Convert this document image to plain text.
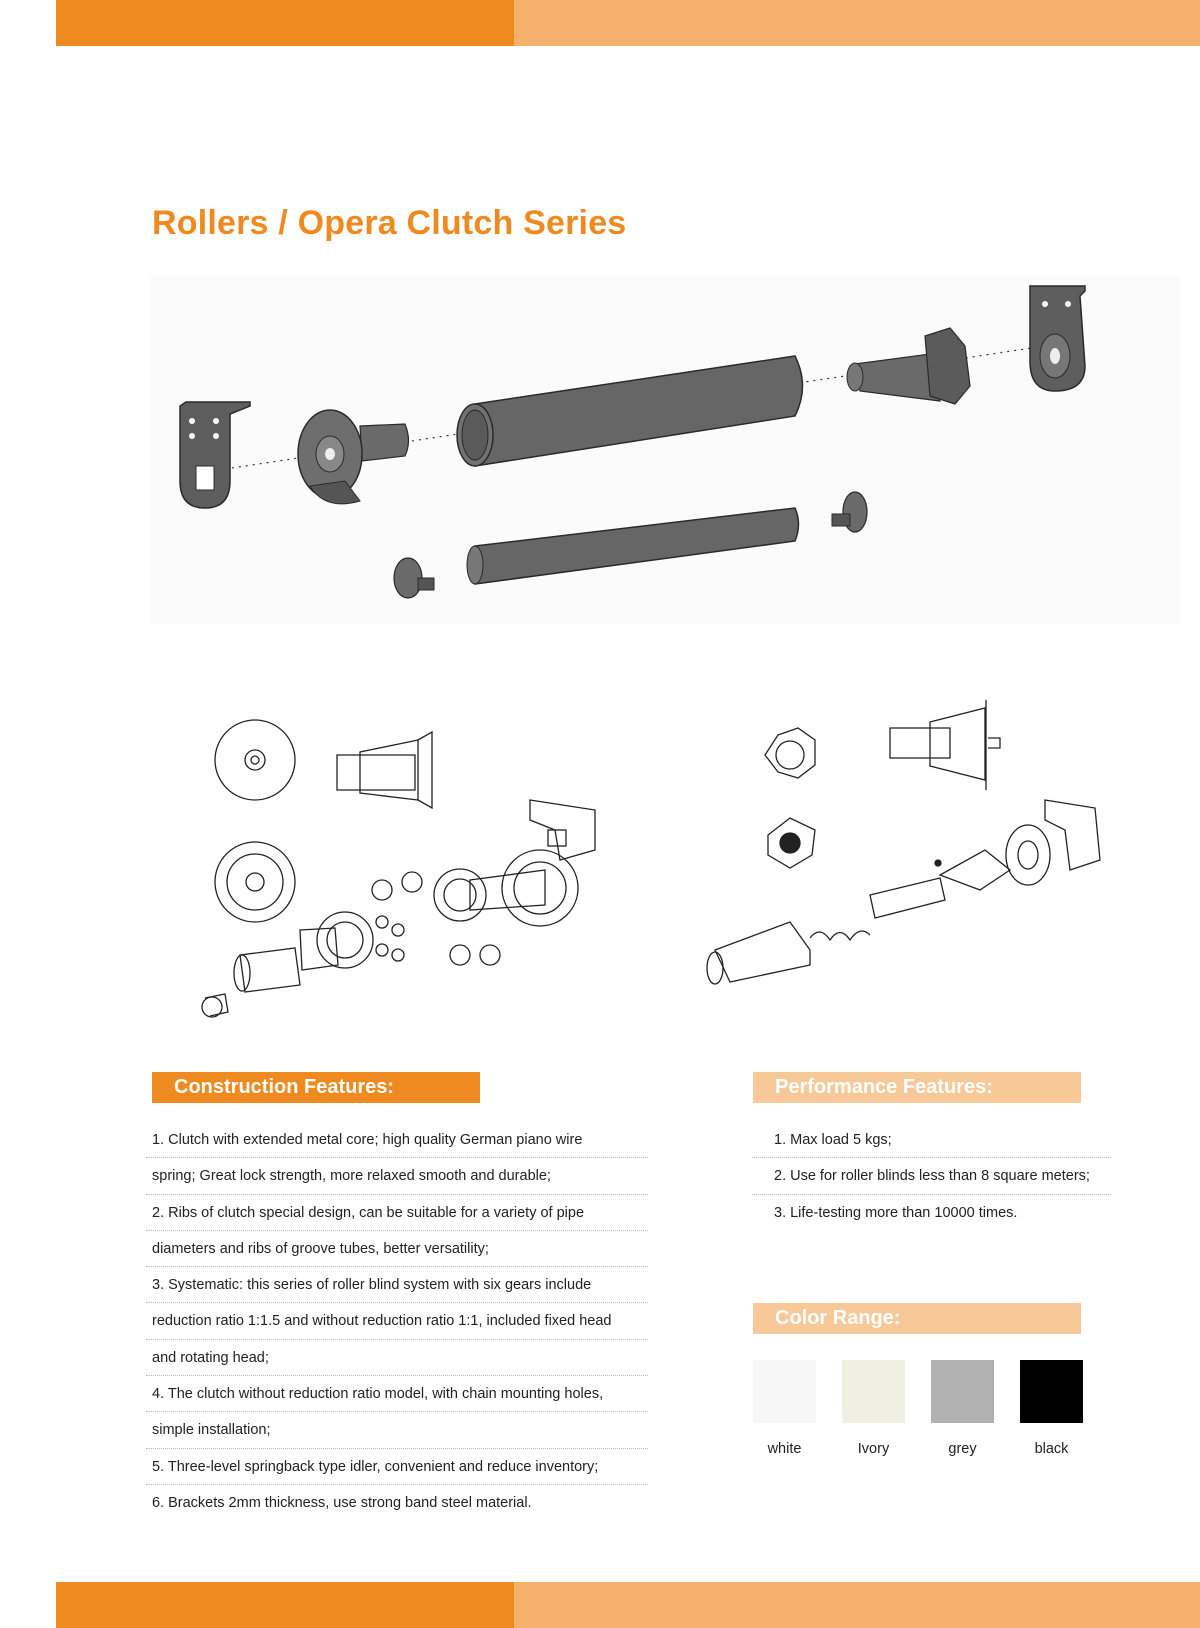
Rollers / Opera Clutch Series
Construction Features:
1. Clutch with extended metal core; high quality German piano wire
spring; Great lock strength, more relaxed smooth and durable;
2. Ribs of clutch special design, can be suitable for a variety of pipe
diameters and ribs of groove tubes, better versatility;
3. Systematic: this series of roller blind system with six gears include
reduction ratio 1:1.5 and without reduction ratio 1:1, included fixed head
and rotating head;
4. The clutch without reduction ratio model, with chain mounting holes,
simple installation;
5. Three-level springback type idler, convenient and reduce inventory;
6. Brackets 2mm thickness, use strong band steel material.
Performance Features:
1. Max load 5 kgs;
2. Use for roller blinds less than 8 square meters;
3. Life-testing more than 10000 times.
Color Range:
white	Ivory	grey	black
